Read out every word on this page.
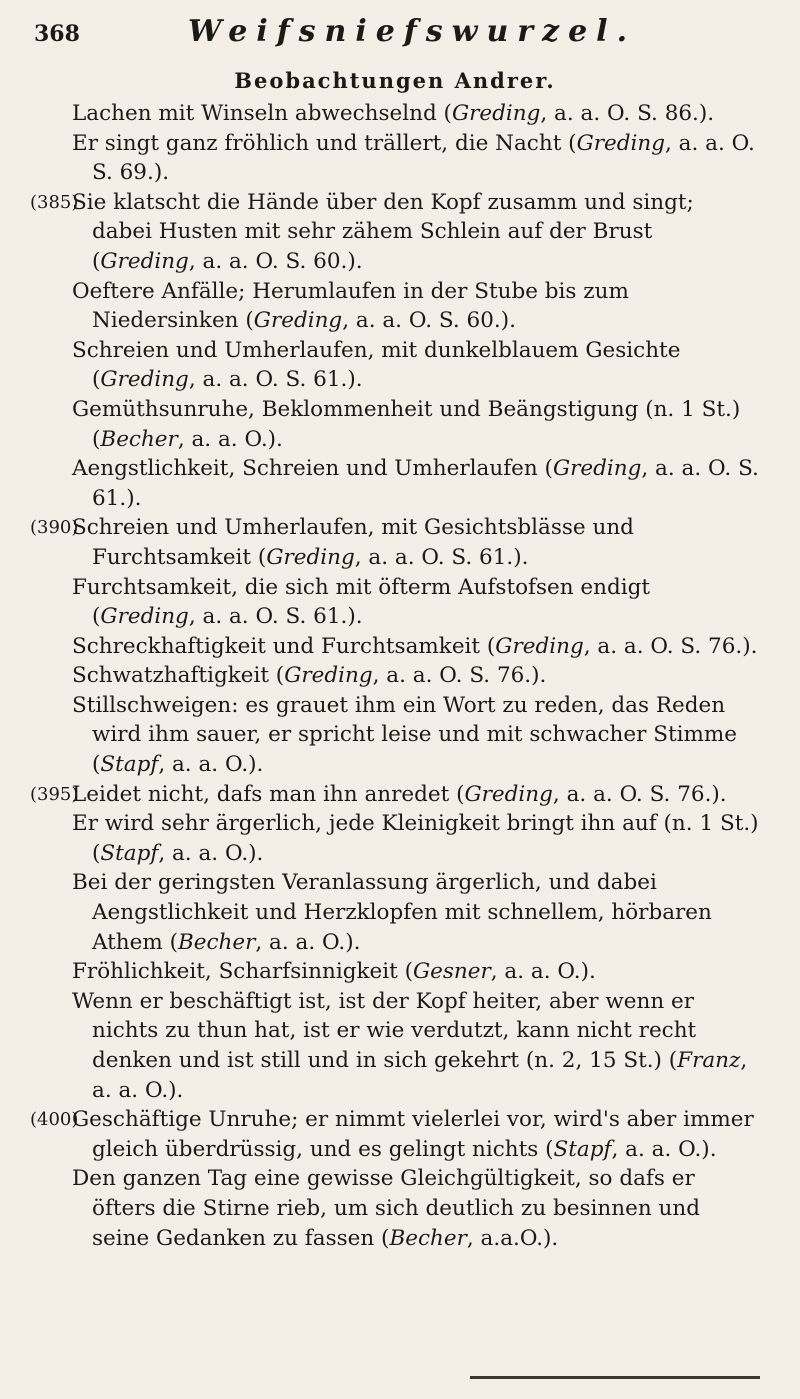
368	Weifsniefswurzel.
Beobachtungen Andrer.

Lachen mit Winseln abwechselnd (Greding, a. a. O. S. 86.).

Er singt ganz fröhlich und trällert, die Nacht (Greding, a. a. O. S. 69.).

(385)
Sie klatscht die Hände über den Kopf zusamm und singt; dabei Husten mit sehr zähem Schlein auf der Brust (Greding, a. a. O. S. 60.).

Oeftere Anfälle; Herumlaufen in der Stube bis zum Niedersinken (Greding, a. a. O. S. 60.).

Schreien und Umherlaufen, mit dunkelblauem Gesichte (Greding, a. a. O. S. 61.).

Gemüthsunruhe, Beklommenheit und Beängstigung (n. 1 St.) (Becher, a. a. O.).

Aengstlichkeit, Schreien und Umherlaufen (Greding, a. a. O. S. 61.).

(390)
Schreien und Umherlaufen, mit Gesichtsblässe und Furchtsamkeit (Greding, a. a. O. S. 61.).

Furchtsamkeit, die sich mit öfterm Aufstofsen endigt (Greding, a. a. O. S. 61.).

Schreckhaftigkeit und Furchtsamkeit (Greding, a. a. O. S. 76.).

Schwatzhaftigkeit (Greding, a. a. O. S. 76.).

Stillschweigen: es grauet ihm ein Wort zu reden, das Reden wird ihm sauer, er spricht leise und mit schwacher Stimme (Stapf, a. a. O.).

(395)
Leidet nicht, dafs man ihn anredet (Greding, a. a. O. S. 76.).

Er wird sehr ärgerlich, jede Kleinigkeit bringt ihn auf (n. 1 St.) (Stapf, a. a. O.).

Bei der geringsten Veranlassung ärgerlich, und dabei Aengstlichkeit und Herzklopfen mit schnellem, hörbaren Athem (Becher, a. a. O.).

Fröhlichkeit, Scharfsinnigkeit (Gesner, a. a. O.).

Wenn er beschäftigt ist, ist der Kopf heiter, aber wenn er nichts zu thun hat, ist er wie verdutzt, kann nicht recht denken und ist still und in sich gekehrt (n. 2, 15 St.) (Franz, a. a. O.).

(400)
Geschäftige Unruhe; er nimmt vielerlei vor, wird's aber immer gleich überdrüssig, und es gelingt nichts (Stapf, a. a. O.).

Den ganzen Tag eine gewisse Gleichgültigkeit, so dafs er öfters die Stirne rieb, um sich deutlich zu besinnen und seine Gedanken zu fassen (Becher, a.a.O.).
